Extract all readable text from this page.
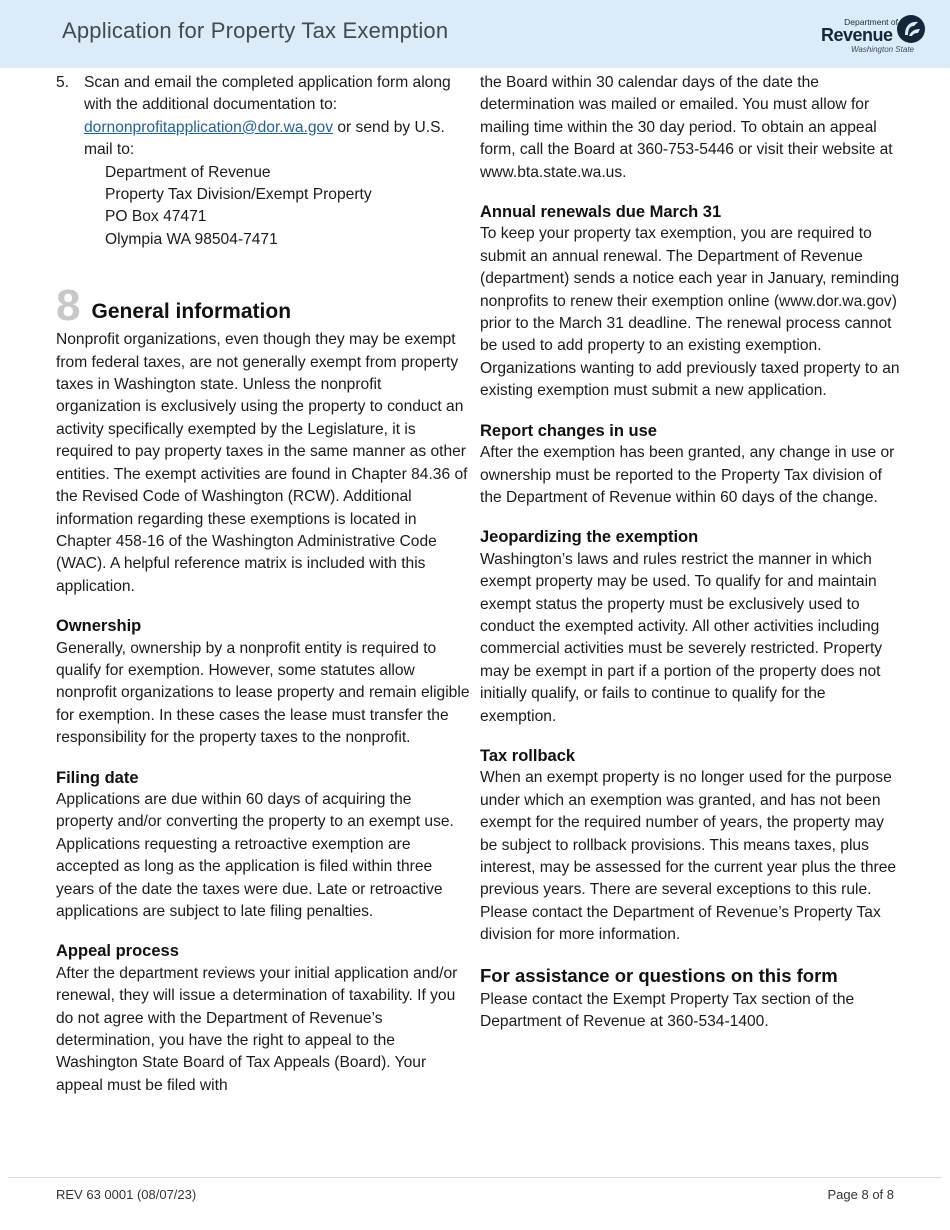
Application for Property Tax Exemption	Department of
Revenue
Washington State
5. Scan and email the completed application form along with the additional documentation to: dornonprofitapplication@dor.wa.gov or send by U.S. mail to:
Department of Revenue
Property Tax Division/Exempt Property
PO Box 47471
Olympia WA 98504-7471
8 General information

Nonprofit organizations, even though they may be exempt from federal taxes, are not generally exempt from property taxes in Washington state. Unless the nonprofit organization is exclusively using the property to conduct an activity specifically exempted by the Legislature, it is required to pay property taxes in the same manner as other entities. The exempt activities are found in Chapter 84.36 of the Revised Code of Washington (RCW). Additional information regarding these exemptions is located in Chapter 458-16 of the Washington Administrative Code (WAC). A helpful reference matrix is included with this application.

Ownership

Generally, ownership by a nonprofit entity is required to qualify for exemption. However, some statutes allow nonprofit organizations to lease property and remain eligible for exemption. In these cases the lease must transfer the responsibility for the property taxes to the nonprofit.

Filing date

Applications are due within 60 days of acquiring the property and/or converting the property to an exempt use. Applications requesting a retroactive exemption are accepted as long as the application is filed within three years of the date the taxes were due. Late or retroactive applications are subject to late filing penalties.

Appeal process

After the department reviews your initial application and/or renewal, they will issue a determination of taxability. If you do not agree with the Department of Revenue’s determination, you have the right to appeal to the Washington State Board of Tax Appeals (Board). Your appeal must be filed with

the Board within 30 calendar days of the date the determination was mailed or emailed. You must allow for mailing time within the 30 day period. To obtain an appeal form, call the Board at 360-753-5446 or visit their website at www.bta.state.wa.us.

Annual renewals due March 31

To keep your property tax exemption, you are required to submit an annual renewal. The Department of Revenue (department) sends a notice each year in January, reminding nonprofits to renew their exemption online (www.dor.wa.gov) prior to the March 31 deadline. The renewal process cannot be used to add property to an existing exemption. Organizations wanting to add previously taxed property to an existing exemption must submit a new application.

Report changes in use

After the exemption has been granted, any change in use or ownership must be reported to the Property Tax division of the Department of Revenue within 60 days of the change.

Jeopardizing the exemption

Washington’s laws and rules restrict the manner in which exempt property may be used. To qualify for and maintain exempt status the property must be exclusively used to conduct the exempted activity. All other activities including commercial activities must be severely restricted. Property may be exempt in part if a portion of the property does not initially qualify, or fails to continue to qualify for the exemption.

Tax rollback

When an exempt property is no longer used for the purpose under which an exemption was granted, and has not been exempt for the required number of years, the property may be subject to rollback provisions. This means taxes, plus interest, may be assessed for the current year plus the three previous years. There are several exceptions to this rule. Please contact the Department of Revenue’s Property Tax division for more information.

For assistance or questions on this form

Please contact the Exempt Property Tax section of the Department of Revenue at 360-534-1400.

REV 63 0001 (08/07/23)	Page 8 of 8
